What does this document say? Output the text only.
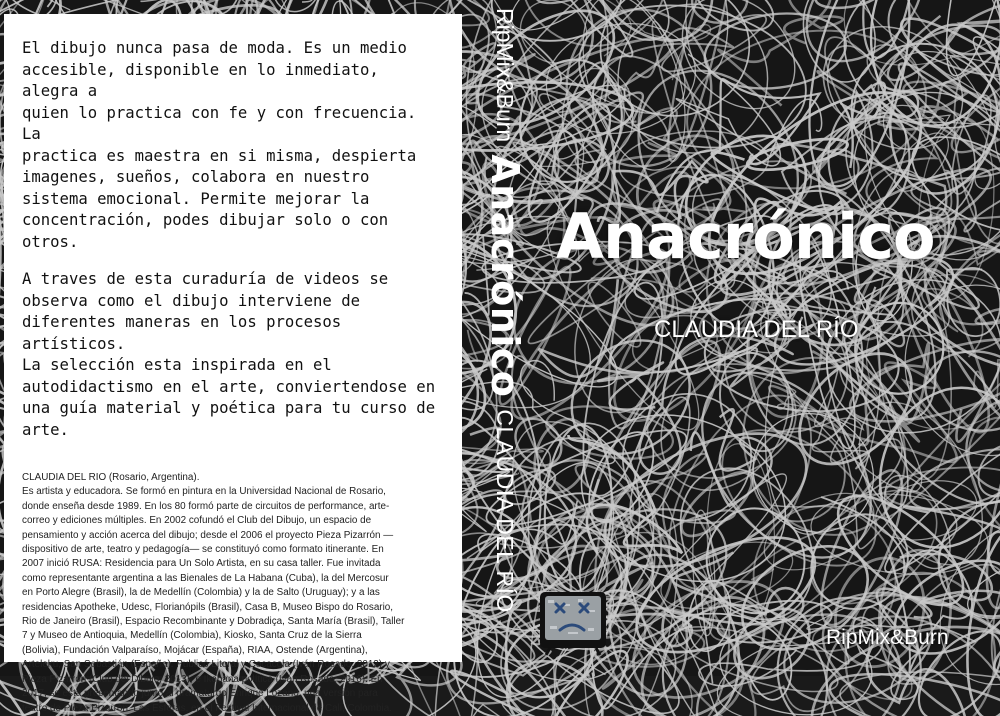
El dibujo nunca pasa de moda. Es un medio
accesible, disponible en lo inmediato, alegra a
quien lo practica con fe y con frecuencia. La
practica es maestra en si misma, despierta
imagenes, sueños, colabora en nuestro
sistema emocional. Permite mejorar la
concentración, podes dibujar solo o con otros.

A traves de esta curaduría de videos se
observa como el dibujo interviene de
diferentes maneras en los procesos artísticos.
La selección esta inspirada en el
autodidactismo en el arte, conviertendose en
una guía material y poética para tu curso de
arte.

CLAUDIA DEL RIO (Rosario, Argentina).
Es artista y educadora. Se formó en pintura en la Universidad Nacional de Rosario,
donde enseña desde 1989. En los 80 formó parte de circuitos de performance, arte-
correo y ediciones múltiples. En 2002 cofundó el Club del Dibujo, un espacio de
pensamiento y acción acerca del dibujo; desde el 2006 el proyecto Pieza Pizarrón —
dispositivo de arte, teatro y pedagogía— se constituyó como formato itinerante. En
2007 inició RUSA: Residencia para Un Solo Artista, en su casa taller. Fue invitada
como representante argentina a las Bienales de La Habana (Cuba), la del Mercosur
en Porto Alegre (Brasil), la de Medellín (Colombia) y la de Salto (Uruguay); y a las
residencias Apotheke, Udesc, Florianópils (Brasil), Casa B, Museo Bispo do Rosario,
Rio de Janeiro (Brasil), Espacio Recombinante y Dobradiça, Santa María (Brasil), Taller
7 y Museo de Antioquia, Medellín (Colombia), Kiosko, Santa Cruz de la Sierra
(Bolivia), Fundación Valparaíso, Mojácar (España), RIAA, Ostende (Argentina),
Arteleku, San Sebastián (España). Publicó Litoral y Cocacola (Iván Rosado, 2012) y
Pieza Pizarrón (Club del Dibujo, 2013), e Ikebana política (Iván Rosado, 2016). En
2017, se está presentando junto al dramaturgo Enrique Lozano, una versión para
teatro de Pieza Pizarrón: Las Esferas, en el Festival Internacional de Cali, Colombia.

RipMix&Burn
Anacrónico
CLAUDIA DEL RÍO
Anacrónico

CLAUDIA DEL RÍO

RipMix&Burn
